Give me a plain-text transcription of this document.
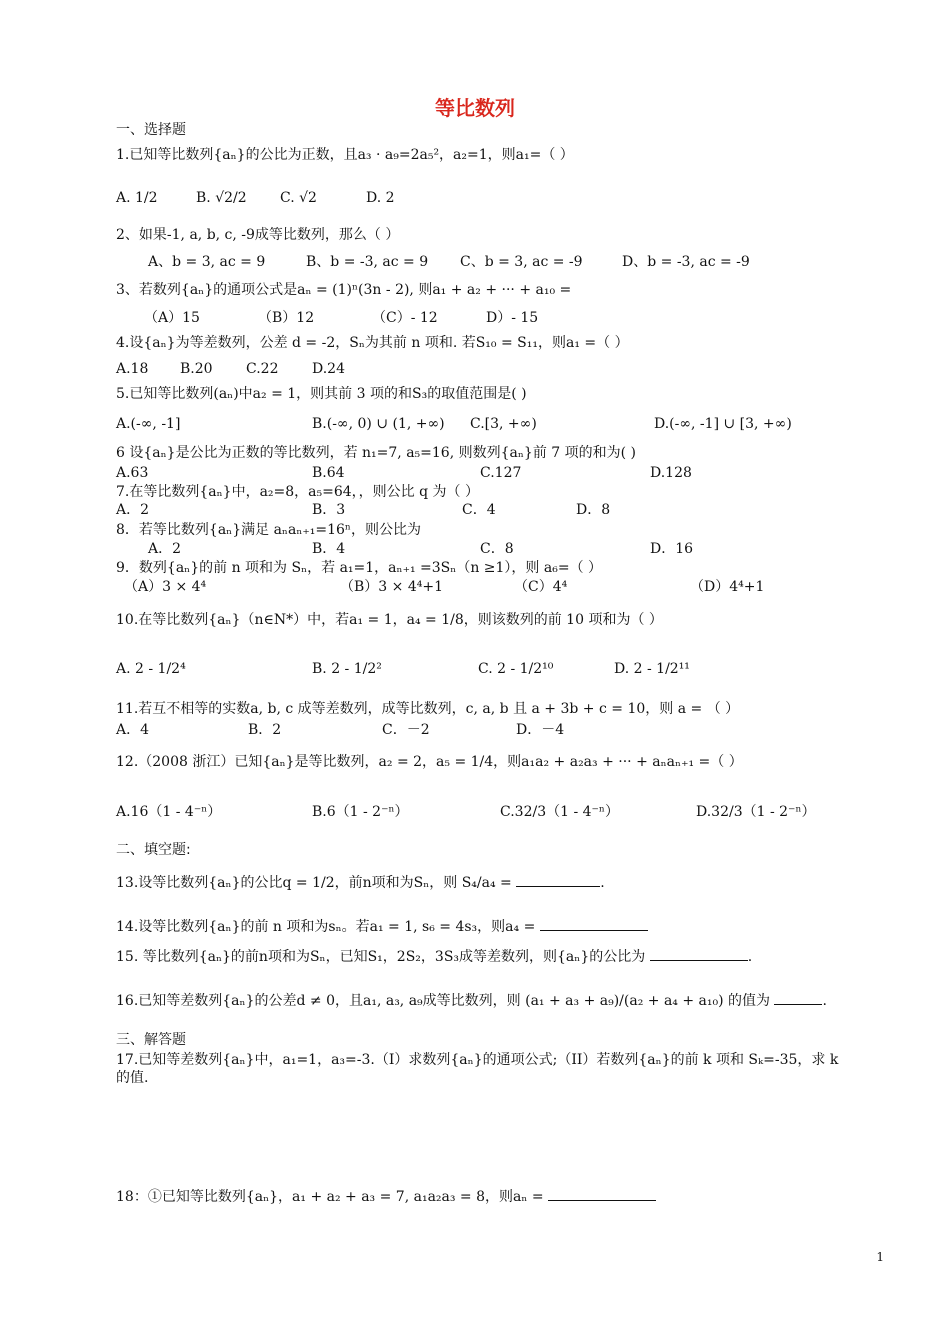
等比数列
一、选择题
1.已知等比数列{aₙ}的公比为正数，且a₃ · a₉=2a₅²，a₂=1，则a₁=（ ）
A. 1/2	B. √2/2 C. √2	D. 2
2、如果-1, a, b, c, -9成等比数列，那么（ ）
A、b = 3, ac = 9	B、b = -3, ac = 9 C、b = 3, ac = -9	D、b = -3, ac = -9
3、若数列{aₙ}的通项公式是aₙ = (1)ⁿ(3n - 2), 则a₁ + a₂ + ··· + a₁₀ =
（A）15	（B）12	（C）- 12	D）- 15
4.设{aₙ}为等差数列，公差 d = -2，Sₙ为其前 n 项和. 若S₁₀ = S₁₁，则a₁ =（ ）
A.18 B.20 C.22 D.24
5.已知等比数列(aₙ)中a₂ = 1，则其前 3 项的和S₃的取值范围是( )
A.(-∞, -1]	B.(-∞, 0) ∪ (1, +∞) C.[3, +∞)	D.(-∞, -1] ∪ [3, +∞)
6 设{aₙ}是公比为正数的等比数列，若 n₁=7, a₅=16, 则数列{aₙ}前 7 项的和为( )
A.63	B.64	C.127	D.128
7.在等比数列{aₙ}中，a₂=8，a₅=64，，则公比 q 为（ ）
A．2	B．3	C．4	D．8
8．若等比数列{aₙ}满足 aₙaₙ₊₁=16ⁿ，则公比为
A．2	B．4	C．8	D．16
9．数列{aₙ}的前 n 项和为 Sₙ，若 a₁=1，aₙ₊₁ =3Sₙ（n ≥1），则 a₆=（ ）
（A）3 × 4⁴	（B）3 × 4⁴+1	（C）4⁴	（D）4⁴+1
10.在等比数列{aₙ}（n∈N*）中，若a₁ = 1，a₄ = 1/8，则该数列的前 10 项和为（ ）
A. 2 - 1/2⁴	B. 2 - 1/2²	C. 2 - 1/2¹⁰	D. 2 - 1/2¹¹
11.若互不相等的实数a, b, c 成等差数列，成等比数列，c, a, b 且 a + 3b + c = 10，则 a = （ ）
A．4	B．2	C．－2	D．－4
12.（2008 浙江）已知{aₙ}是等比数列，a₂ = 2，a₅ = 1/4，则a₁a₂ + a₂a₃ + ··· + aₙaₙ₊₁ =（ ）
A.16（1 - 4⁻ⁿ）	B.6（1 - 2⁻ⁿ）	C.32/3（1 - 4⁻ⁿ）	D.32/3（1 - 2⁻ⁿ）
二、填空题:
13.设等比数列{aₙ}的公比q = 1/2，前n项和为Sₙ，则 S₄/a₄ =	.
14.设等比数列{aₙ}的前 n 项和为sₙ。若a₁ = 1, s₆ = 4s₃，则a₄ =
15. 等比数列{aₙ}的前n项和为Sₙ，已知S₁，2S₂，3S₃成等差数列，则{aₙ}的公比为	.
16.已知等差数列{aₙ}的公差d ≠ 0，且a₁, a₃, a₉成等比数列，则 (a₁ + a₃ + a₉)/(a₂ + a₄ + a₁₀) 的值为	.
三、解答题
17.已知等差数列{aₙ}中，a₁=1，a₃=-3.（I）求数列{aₙ}的通项公式;（II）若数列{aₙ}的前 k 项和 Sₖ=-35，求 k
的值.
18：①已知等比数列{aₙ}，a₁ + a₂ + a₃ = 7, a₁a₂a₃ = 8，则aₙ =
1
